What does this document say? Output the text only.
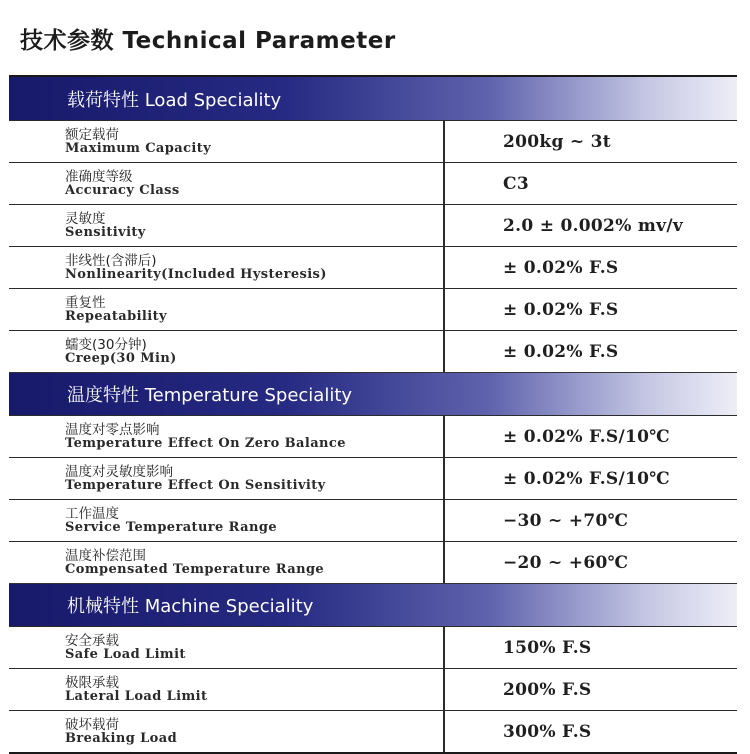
技术参数 Technical Parameter
载荷特性 Load Speciality
额定载荷
Maximum Capacity	200kg ~ 3t
准确度等级
Accuracy Class	C3
灵敏度
Sensitivity	2.0 ± 0.002% mv/v
非线性(含滞后)
Nonlinearity(Included Hysteresis)	± 0.02% F.S
重复性
Repeatability	± 0.02% F.S
蠕变(30分钟)
Creep(30 Min)	± 0.02% F.S
温度特性 Temperature Speciality
温度对零点影响
Temperature Effect On Zero Balance	± 0.02% F.S/10℃
温度对灵敏度影响
Temperature Effect On Sensitivity	± 0.02% F.S/10℃
工作温度
Service Temperature Range	−30 ~ +70℃
温度补偿范围
Compensated Temperature Range	−20 ~ +60℃
机械特性 Machine Speciality
安全承载
Safe Load Limit	150% F.S
极限承载
Lateral Load Limit	200% F.S
破坏载荷
Breaking Load	300% F.S
